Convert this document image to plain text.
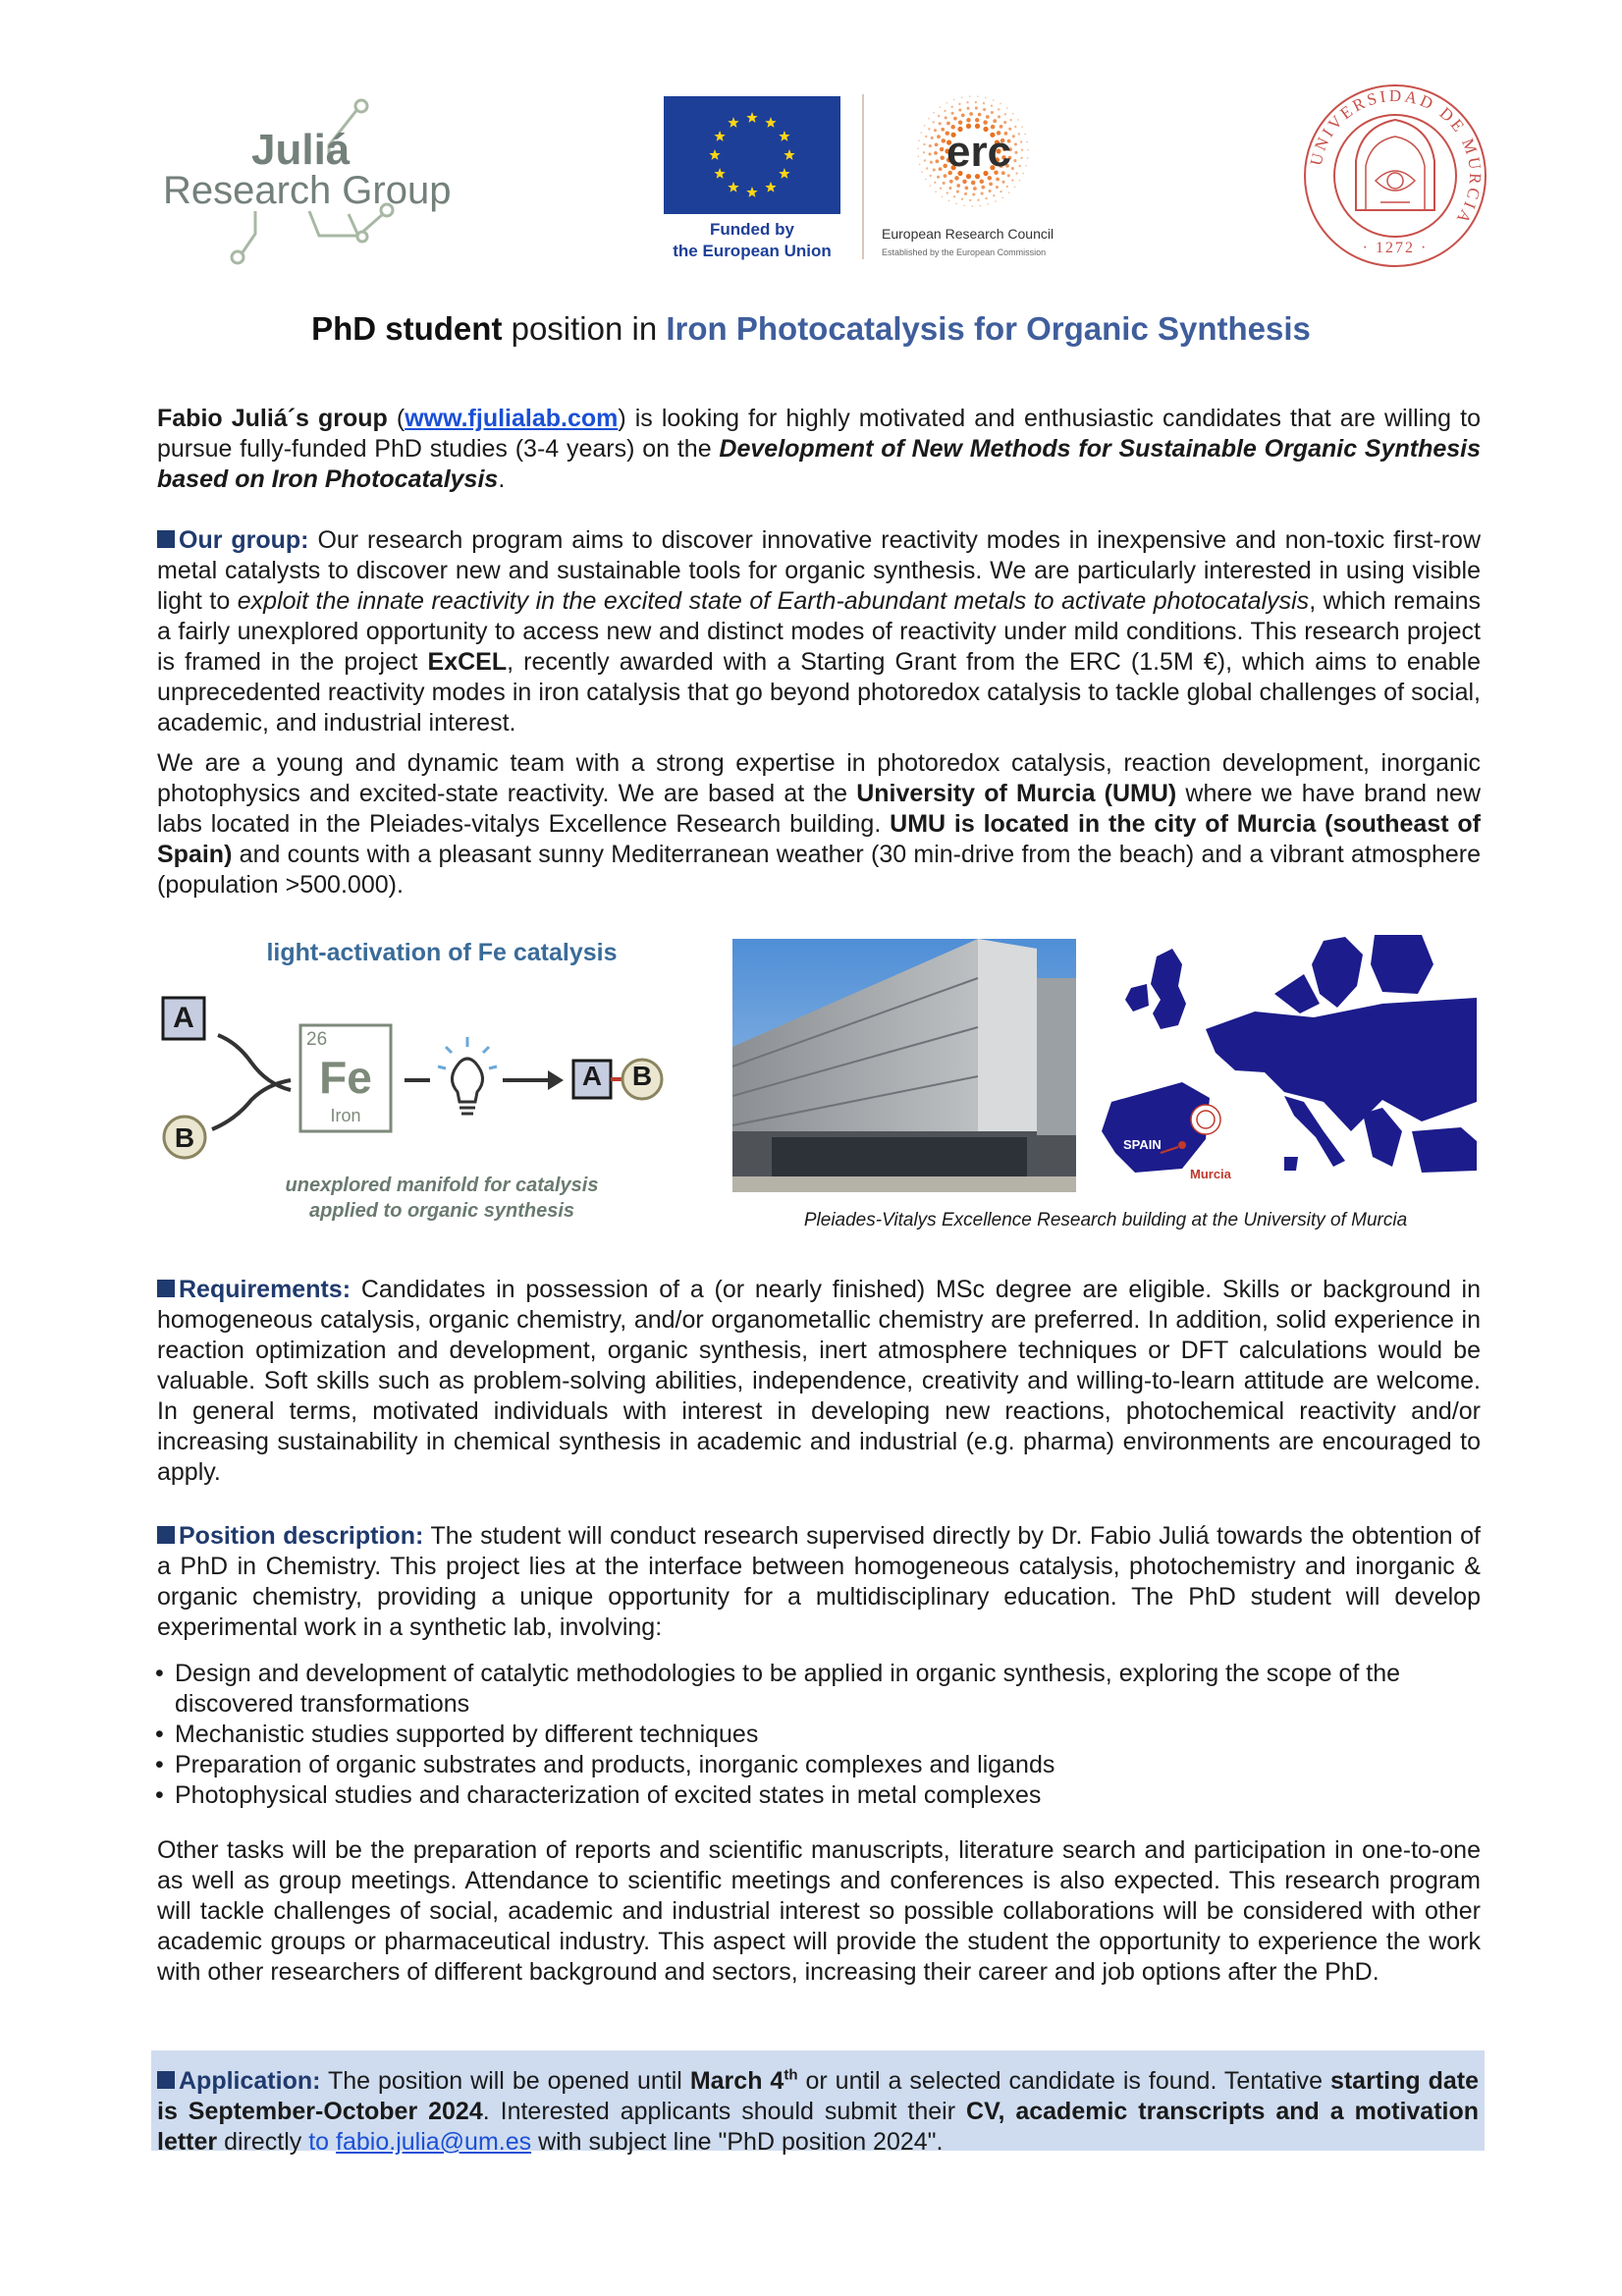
Juliá
Research Group
Funded by
the European Union
erc
European Research Council
Established by the European Commission
UNIVERSIDAD DE MURCIA
· 1272 ·
PhD student position in Iron Photocatalysis for Organic Synthesis

Fabio Juliá´s group (www.fjulialab.com) is looking for highly motivated and enthusiastic candidates that are willing to pursue fully-funded PhD studies (3-4 years) on the Development of New Methods for Sustainable Organic Synthesis based on Iron Photocatalysis.

Our group: Our research program aims to discover innovative reactivity modes in inexpensive and non-toxic first-row metal catalysts to discover new and sustainable tools for organic synthesis. We are particularly interested in using visible light to exploit the innate reactivity in the excited state of Earth-abundant metals to activate photocatalysis, which remains a fairly unexplored opportunity to access new and distinct modes of reactivity under mild conditions. This research project is framed in the project ExCEL, recently awarded with a Starting Grant from the ERC (1.5M €), which aims to enable unprecedented reactivity modes in iron catalysis that go beyond photoredox catalysis to tackle global challenges of social, academic, and industrial interest.

We are a young and dynamic team with a strong expertise in photoredox catalysis, reaction development, inorganic photophysics and excited-state reactivity. We are based at the University of Murcia (UMU) where we have brand new labs located in the Pleiades-vitalys Excellence Research building. UMU is located in the city of Murcia (southeast of Spain) and counts with a pleasant sunny Mediterranean weather (30 min-drive from the beach) and a vibrant atmosphere (population >500.000).

light-activation of Fe catalysis
A
B
26
Fe
Iron
A	B
unexplored manifold for catalysis
applied to organic synthesis
SPAIN
Murcia
Pleiades-Vitalys Excellence Research building at the University of Murcia

Requirements: Candidates in possession of a (or nearly finished) MSc degree are eligible. Skills or background in homogeneous catalysis, organic chemistry, and/or organometallic chemistry are preferred. In addition, solid experience in reaction optimization and development, organic synthesis, inert atmosphere techniques or DFT calculations would be valuable. Soft skills such as problem-solving abilities, independence, creativity and willing-to-learn attitude are welcome. In general terms, motivated individuals with interest in developing new reactions, photochemical reactivity and/or increasing sustainability in chemical synthesis in academic and industrial (e.g. pharma) environments are encouraged to apply.

Position description: The student will conduct research supervised directly by Dr. Fabio Juliá towards the obtention of a PhD in Chemistry. This project lies at the interface between homogeneous catalysis, photochemistry and inorganic & organic chemistry, providing a unique opportunity for a multidisciplinary education. The PhD student will develop experimental work in a synthetic lab, involving:

• Design and development of catalytic methodologies to be applied in organic synthesis, exploring the scope of the discovered transformations
• Mechanistic studies supported by different techniques
• Preparation of organic substrates and products, inorganic complexes and ligands
• Photophysical studies and characterization of excited states in metal complexes

Other tasks will be the preparation of reports and scientific manuscripts, literature search and participation in one-to-one as well as group meetings. Attendance to scientific meetings and conferences is also expected. This research program will tackle challenges of social, academic and industrial interest so possible collaborations will be considered with other academic groups or pharmaceutical industry. This aspect will provide the student the opportunity to experience the work with other researchers of different background and sectors, increasing their career and job options after the PhD.

Application: The position will be opened until March 4th or until a selected candidate is found. Tentative starting date is September-October 2024. Interested applicants should submit their CV, academic transcripts and a motivation letter directly to fabio.julia@um.es with subject line "PhD position 2024".
